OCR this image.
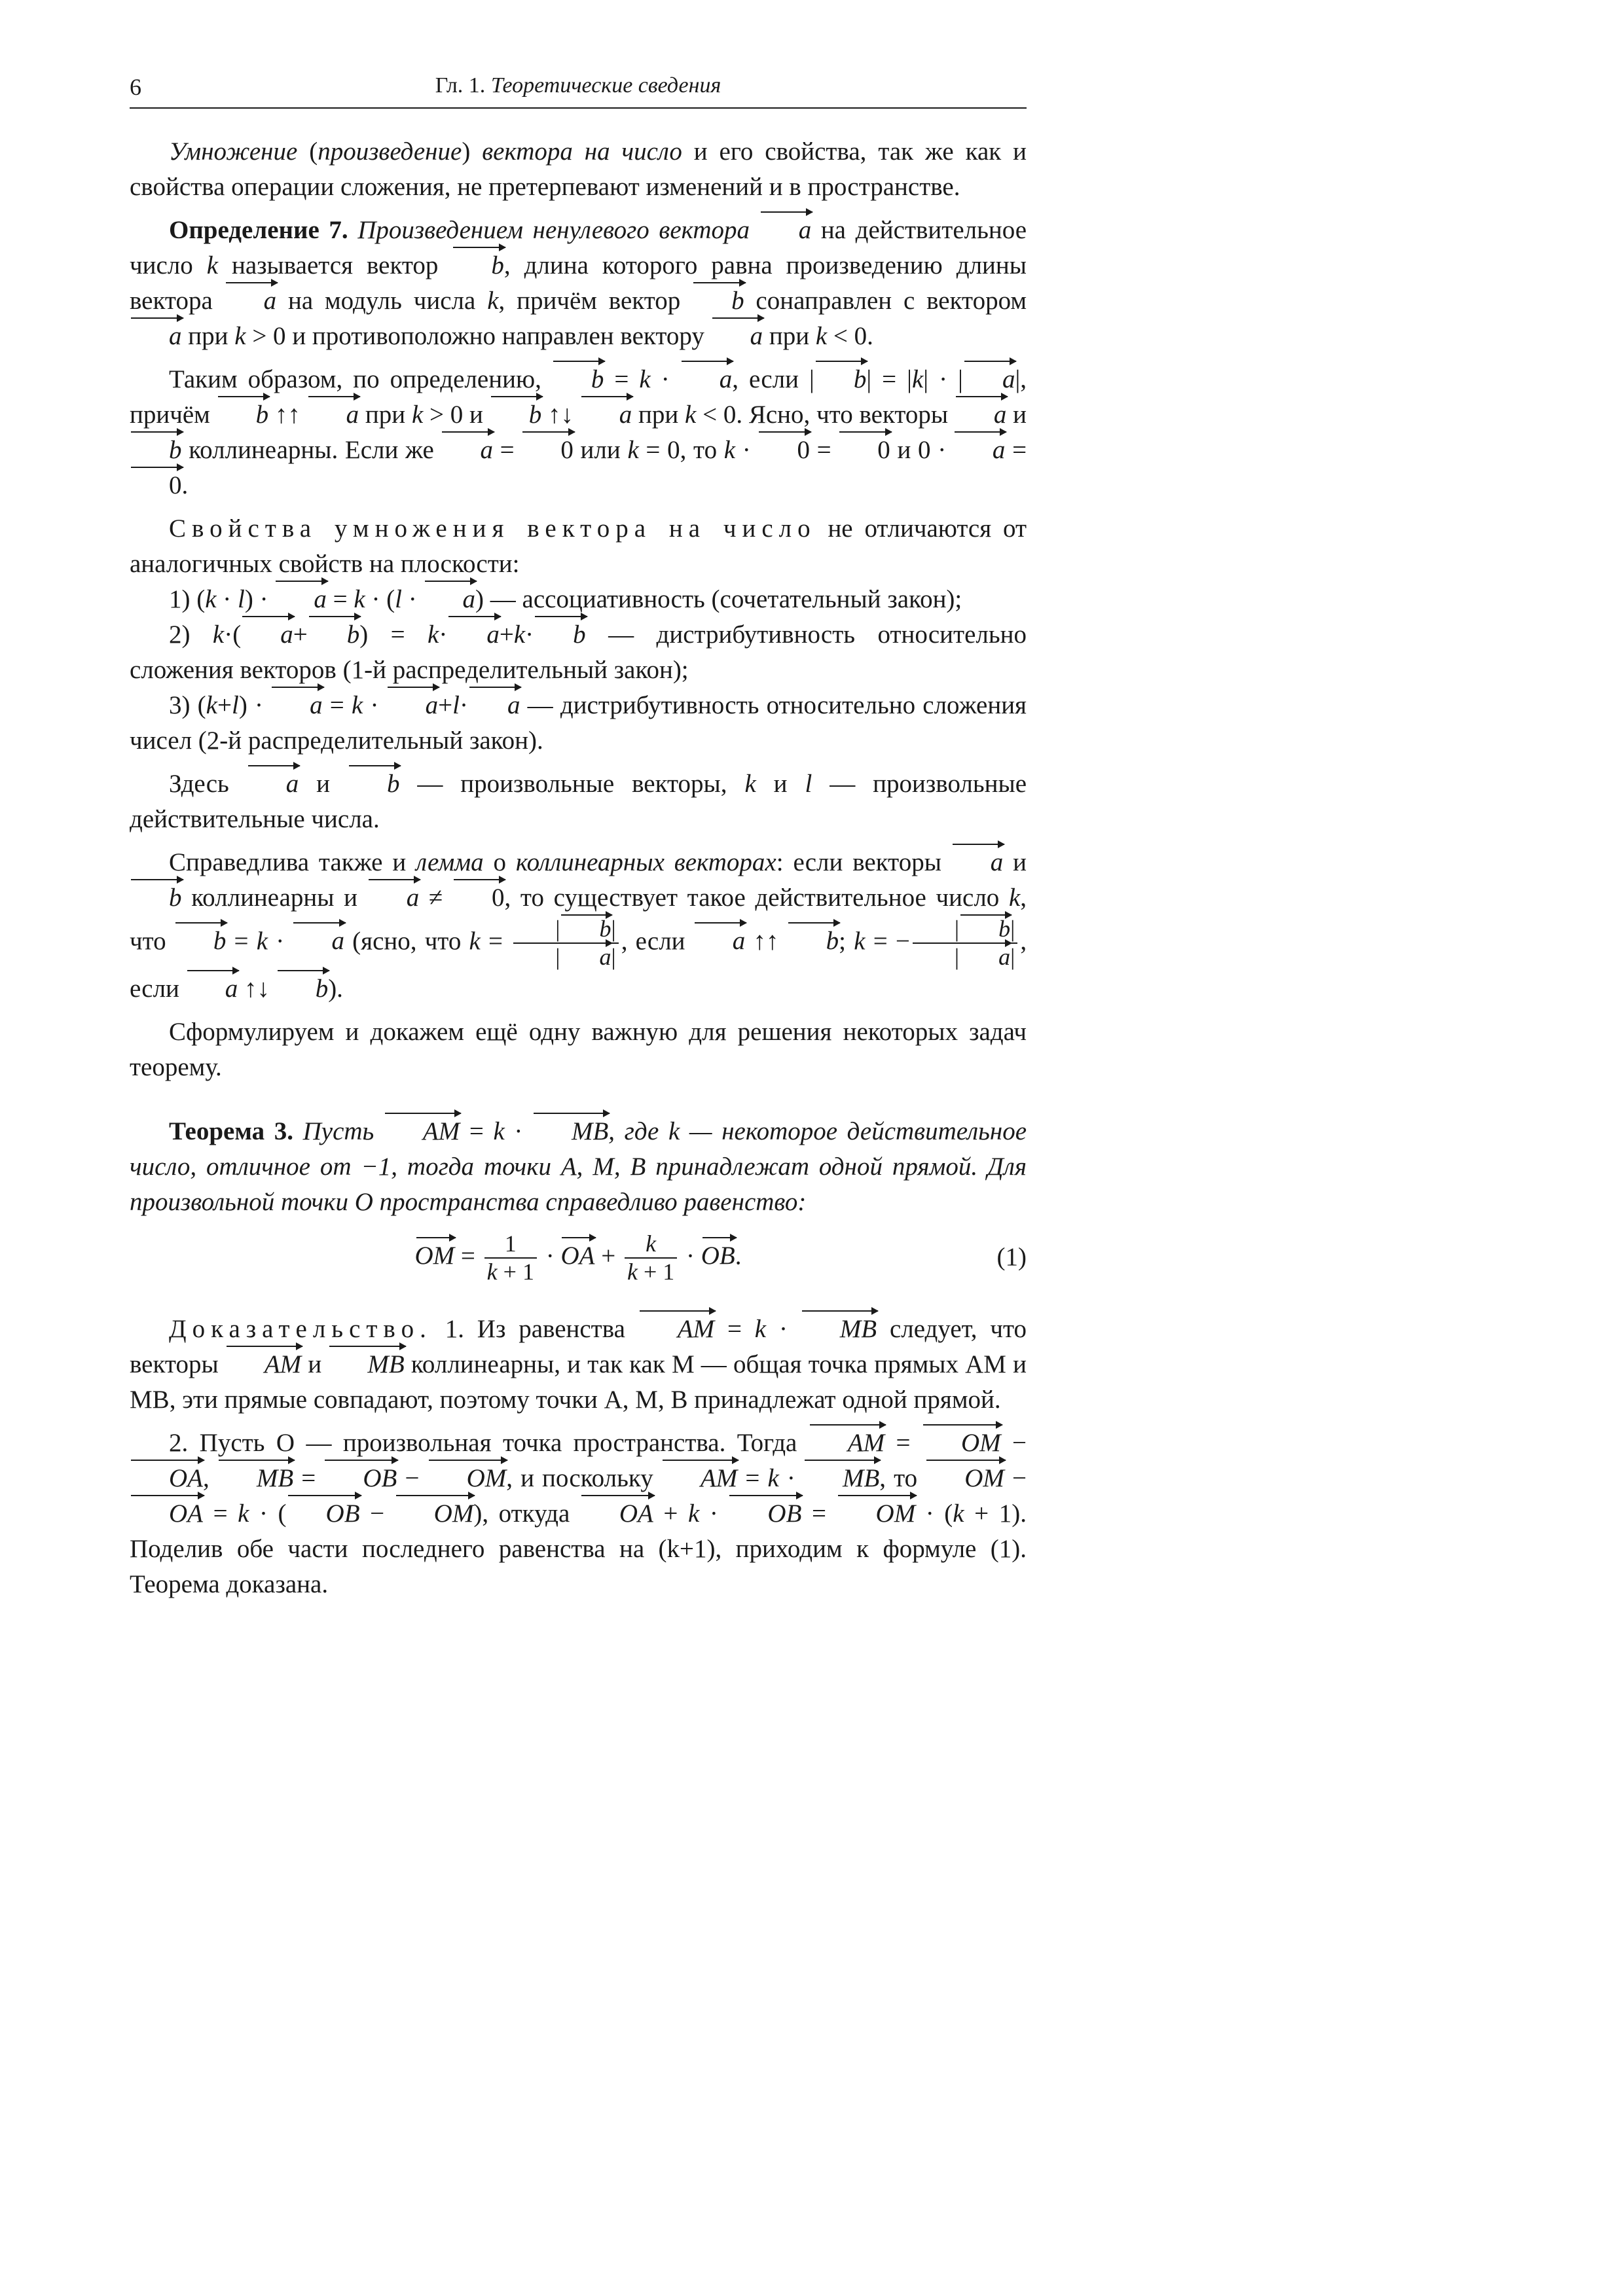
6	Гл. 1. Теоретические сведения

Умножение (произведение) вектора на число и его свойства, так же как и свойства операции сложения, не претерпевают изменений и в пространстве.

Определение 7. Произведением ненулевого вектора a на действительное число k называется вектор b, длина которого равна произведению длины вектора a на модуль числа k, причём вектор b сонаправлен с вектором a при k > 0 и противоположно направлен вектору a при k < 0.

Таким образом, по определению, b = k · a, если | b| = |k| · | a|, причём b ↑↑ a при k > 0 и b ↑↓ a при k < 0. Ясно, что векторы a и b коллинеарны. Если же a = 0 или k = 0, то k · 0 = 0 и 0 · a = 0.

Свойства умножения вектора на число не отличаются от аналогичных свойств на плоскости:

1) (k · l) · a = k · (l · a) — ассоциативность (сочетательный закон);

2) k·( a+ b) = k· a+k· b — дистрибутивность относительно сложения векторов (1-й распределительный закон);

3) (k+l) · a = k · a+l· a — дистрибутивность относительно сложения чисел (2-й распределительный закон).

Здесь a и b — произвольные векторы, k и l — произвольные действительные числа.

Справедлива также и лемма о коллинеарных векторах: если векторы a и b коллинеарны и a ≠ 0, то существует такое действительное число k, что b = k · a (ясно, что $k = \frac{| b|}{| a|}$ , если a ↑↑ b; k = − $\frac{| b|}{| a|}$ , если a ↑↓ b).

Сформулируем и докажем ещё одну важную для решения некоторых задач теорему.

Теорема 3. Пусть AM = k · MB, где k — некоторое действительное число, отличное от −1, тогда точки A, M, B принадлежат одной прямой. Для произвольной точки O пространства справедливо равенство:

OM = $\frac{1}{k + 1}$ · OA + $\frac{k}{k + 1}$ · OB.	(1)

Доказательство. 1. Из равенства AM = k · MB следует, что векторы AM и MB коллинеарны, и так как M — общая точка прямых AM и MB, эти прямые совпадают, поэтому точки A, M, B принадлежат одной прямой.

2. Пусть O — произвольная точка пространства. Тогда AM = OM − OA, MB = OB − OM, и поскольку AM = k · MB, то OM − OA = k · ( OB − OM), откуда OA + k · OB = OM · (k + 1). Поделив обе части последнего равенства на (k+1), приходим к формуле (1). Теорема доказана.
